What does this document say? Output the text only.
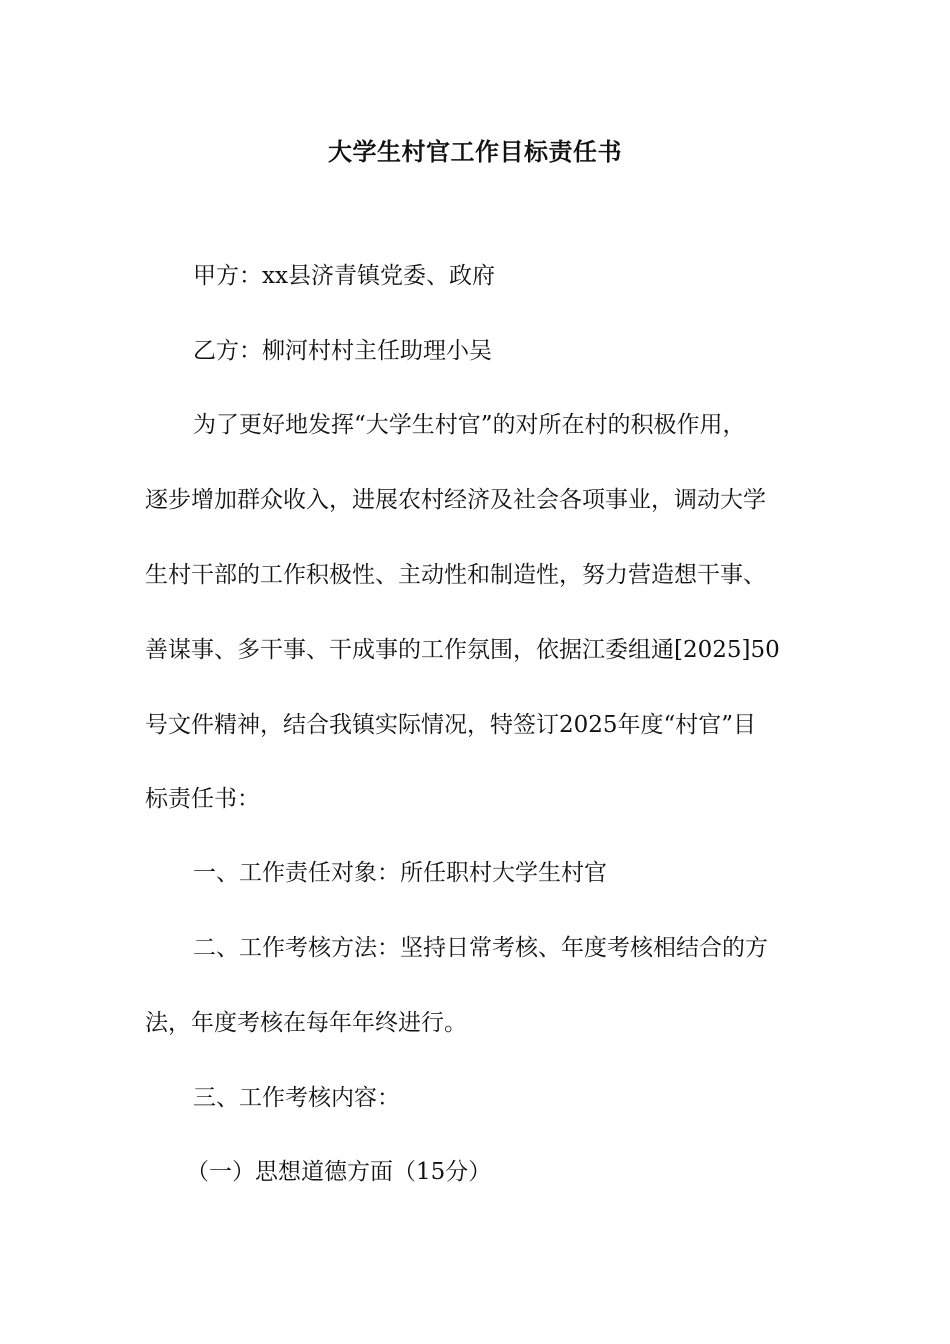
大学生村官工作目标责任书
甲方：xx县济青镇党委、政府
乙方：柳河村村主任助理小吴
为了更好地发挥“大学生村官”的对所在村的积极作用，
逐步增加群众收入，进展农村经济及社会各项事业，调动大学
生村干部的工作积极性、主动性和制造性，努力营造想干事、
善谋事、多干事、干成事的工作氛围，依据江委组通[2025]50
号文件精神，结合我镇实际情况，特签订2025年度“村官”目
标责任书：
一、工作责任对象：所任职村大学生村官
二、工作考核方法：坚持日常考核、年度考核相结合的方
法，年度考核在每年年终进行。
三、工作考核内容：
（一）思想道德方面（15分）
